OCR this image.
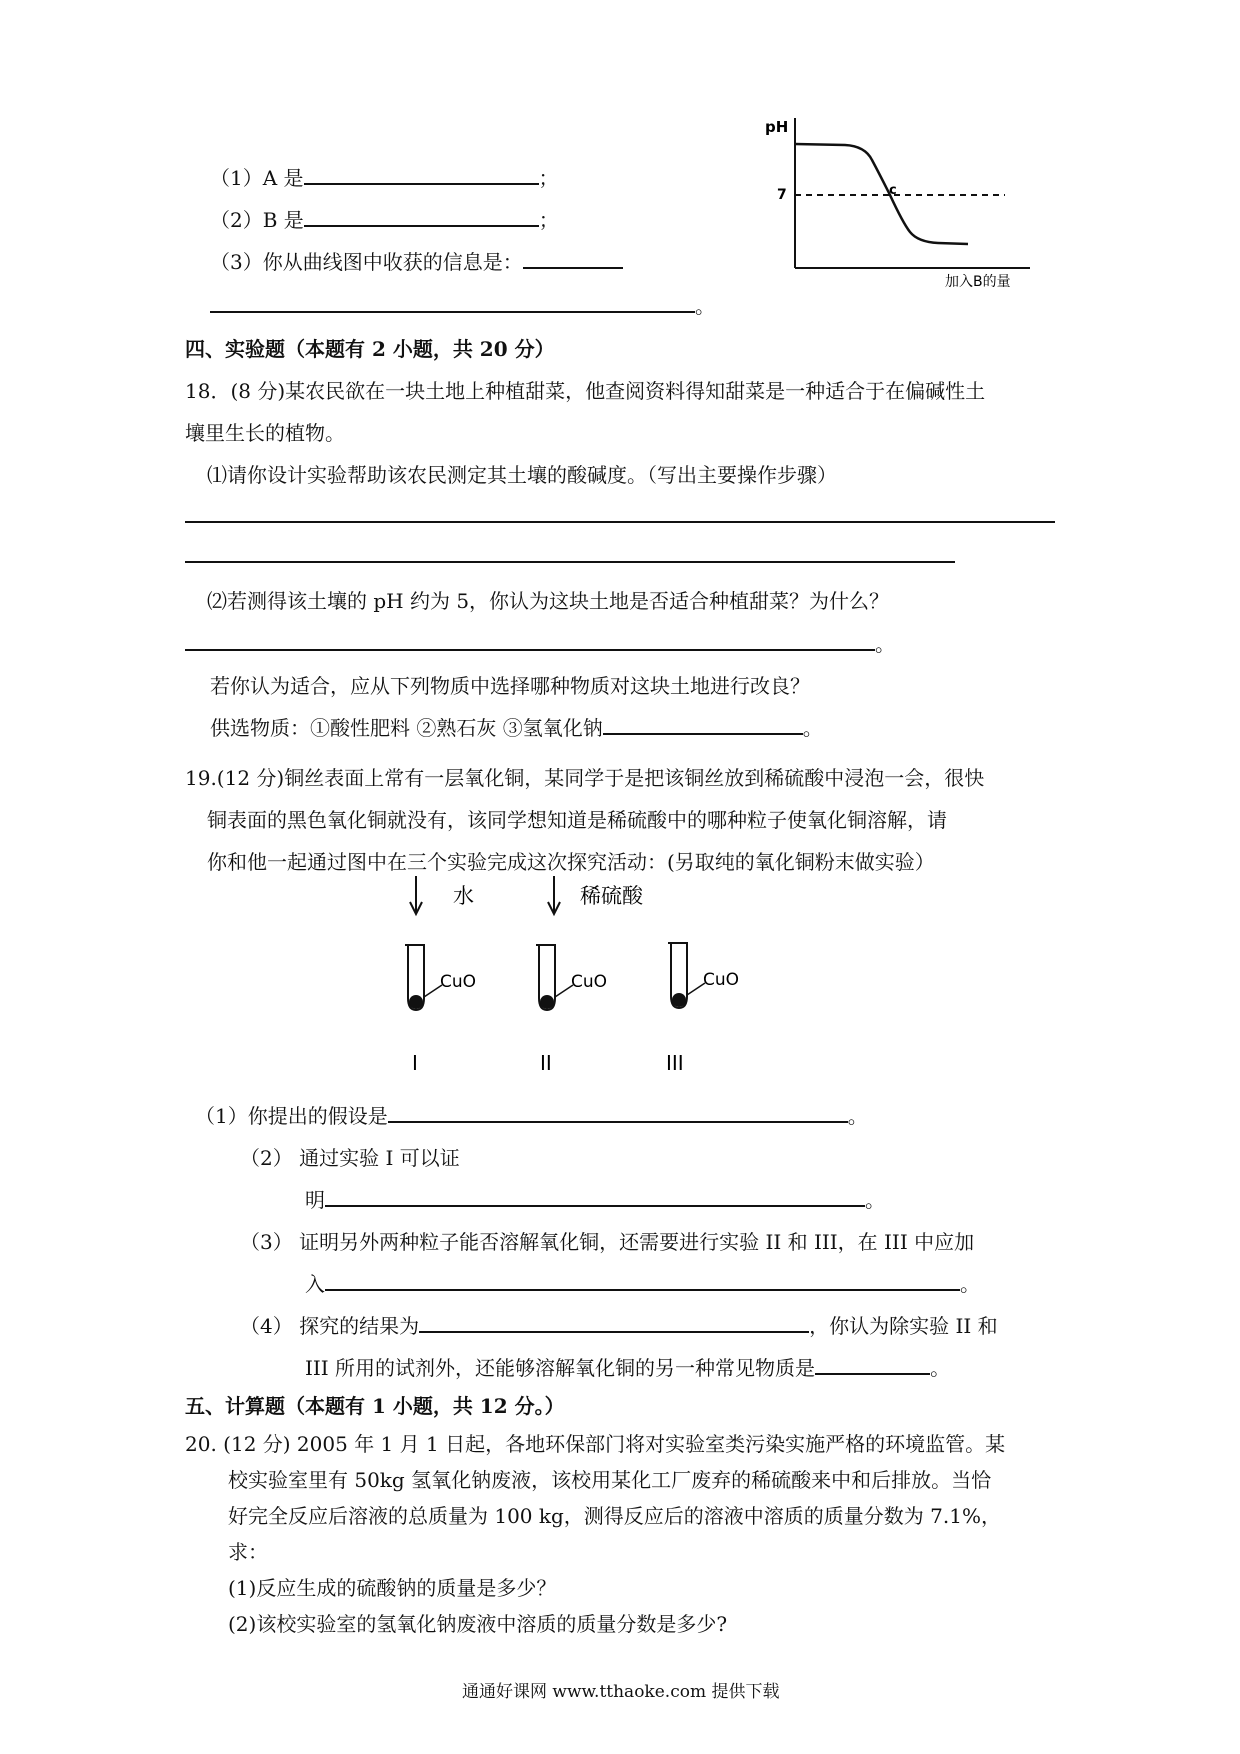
（1）A 是	；
（2）B 是	；
（3）你从曲线图中收获的信息是：
。
pH
7	c
加入B的量
四、实验题（本题有 2 小题，共 20 分）
18．(8 分)某农民欲在一块土地上种植甜菜，他查阅资料得知甜菜是一种适合于在偏碱性土
壤里生长的植物。
⑴请你设计实验帮助该农民测定其土壤的酸碱度。（写出主要操作步骤）
⑵若测得该土壤的 pH 约为 5，你认为这块土地是否适合种植甜菜？为什么？
。
若你认为适合，应从下列物质中选择哪种物质对这块土地进行改良？
供选物质：①酸性肥料 ②熟石灰 ③氢氧化钠	。
19.(12 分)铜丝表面上常有一层氧化铜，某同学于是把该铜丝放到稀硫酸中浸泡一会，很快
铜表面的黑色氧化铜就没有，该同学想知道是稀硫酸中的哪种粒子使氧化铜溶解，请
你和他一起通过图中在三个实验完成这次探究活动：(另取纯的氧化铜粉末做实验）
水	稀硫酸
CuO	CuO	CuO
I	II	III
（1）你提出的假设是	。
（2） 通过实验 I 可以证
明	。
（3） 证明另外两种粒子能否溶解氧化铜，还需要进行实验 II 和 III，在 III 中应加
入	。
（4） 探究的结果为	，你认为除实验 II 和
III 所用的试剂外，还能够溶解氧化铜的另一种常见物质是	。
五、计算题（本题有 1 小题，共 12 分。）
20. (12 分) 2005 年 1 月 1 日起，各地环保部门将对实验室类污染实施严格的环境监管。某
校实验室里有 50kg 氢氧化钠废液，该校用某化工厂废弃的稀硫酸来中和后排放。当恰
好完全反应后溶液的总质量为 100 kg，测得反应后的溶液中溶质的质量分数为 7.1%，
求：
(1)反应生成的硫酸钠的质量是多少？
(2)该校实验室的氢氧化钠废液中溶质的质量分数是多少?
通通好课网 www.tthaoke.com 提供下载
